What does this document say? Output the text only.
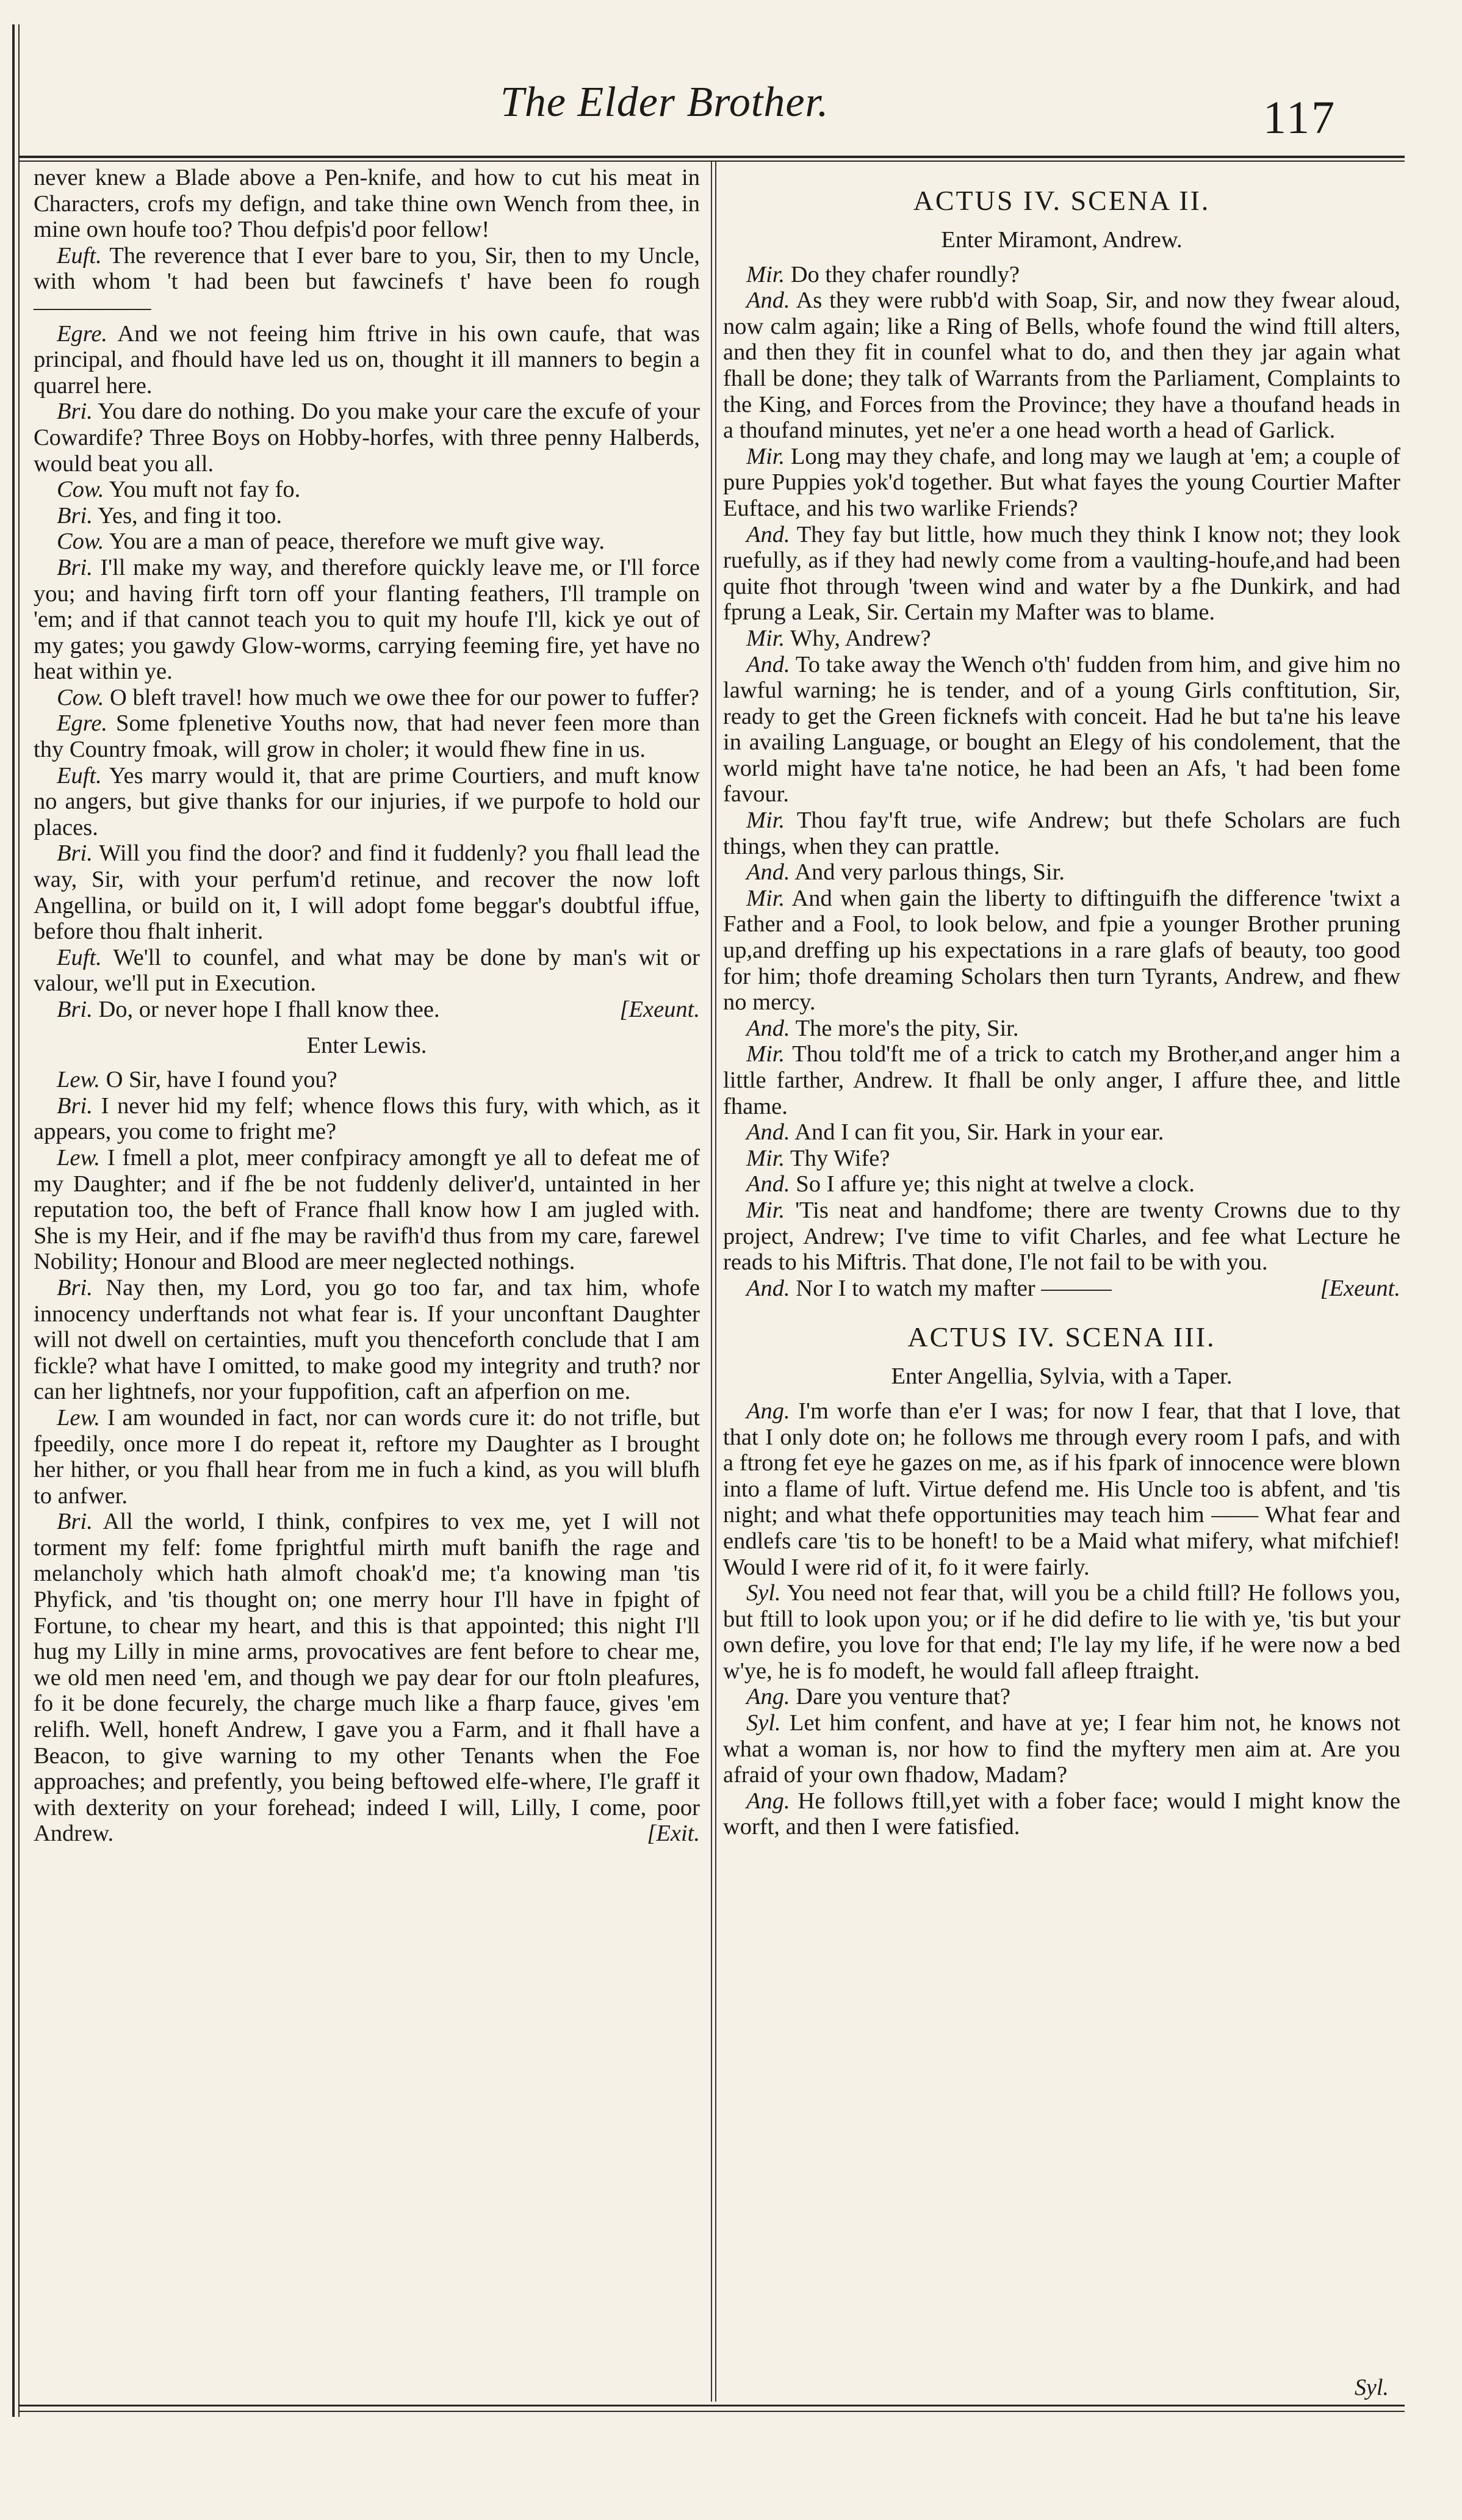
The Elder Brother.	117

never knew a Blade above a Pen-knife, and how to cut his meat in Characters, crofs my defign, and take thine own Wench from thee, in mine own houfe too? Thou defpis'd poor fellow!

Euft. The reverence that I ever bare to you, Sir, then to my Uncle, with whom 't had been but fawcinefs t' have been fo rough—————

Egre. And we not feeing him ftrive in his own caufe, that was principal, and fhould have led us on, thought it ill manners to begin a quarrel here.

Bri. You dare do nothing. Do you make your care the excufe of your Cowardife? Three Boys on Hobby-horfes, with three penny Halberds, would beat you all.

Cow. You muft not fay fo.

Bri. Yes, and fing it too.

Cow. You are a man of peace, therefore we muft give way.

Bri. I'll make my way, and therefore quickly leave me, or I'll force you; and having firft torn off your flanting feathers, I'll trample on 'em; and if that cannot teach you to quit my houfe I'll, kick ye out of my gates; you gawdy Glow-worms, carrying feeming fire, yet have no heat within ye.

Cow. O bleft travel! how much we owe thee for our power to fuffer?

Egre. Some fplenetive Youths now, that had never feen more than thy Country fmoak, will grow in choler; it would fhew fine in us.

Euft. Yes marry would it, that are prime Courtiers, and muft know no angers, but give thanks for our injuries, if we purpofe to hold our places.

Bri. Will you find the door? and find it fuddenly? you fhall lead the way, Sir, with your perfum'd retinue, and recover the now loft Angellina, or build on it, I will adopt fome beggar's doubtful iffue, before thou fhalt inherit.

Euft. We'll to counfel, and what may be done by man's wit or valour, we'll put in Execution.

Bri. Do, or never hope I fhall know thee.	[Exeunt.

Enter Lewis.

Lew. O Sir, have I found you?

Bri. I never hid my felf; whence flows this fury, with which, as it appears, you come to fright me?

Lew. I fmell a plot, meer confpiracy amongft ye all to defeat me of my Daughter; and if fhe be not fuddenly deliver'd, untainted in her reputation too, the beft of France fhall know how I am jugled with. She is my Heir, and if fhe may be ravifh'd thus from my care, farewel Nobility; Honour and Blood are meer neglected nothings.

Bri. Nay then, my Lord, you go too far, and tax him, whofe innocency underftands not what fear is. If your unconftant Daughter will not dwell on certainties, muft you thenceforth conclude that I am fickle? what have I omitted, to make good my integrity and truth? nor can her lightnefs, nor your fuppofition, caft an afperfion on me.

Lew. I am wounded in fact, nor can words cure it: do not trifle, but fpeedily, once more I do repeat it, reftore my Daughter as I brought her hither, or you fhall hear from me in fuch a kind, as you will blufh to anfwer.

Bri. All the world, I think, confpires to vex me, yet I will not torment my felf: fome fprightful mirth muft banifh the rage and melancholy which hath almoft choak'd me; t'a knowing man 'tis Phyfick, and 'tis thought on; one merry hour I'll have in fpight of Fortune, to chear my heart, and this is that appointed; this night I'll hug my Lilly in mine arms, provocatives are fent before to chear me, we old men need 'em, and though we pay dear for our ftoln pleafures, fo it be done fecurely, the charge much like a fharp fauce, gives 'em relifh. Well, honeft Andrew, I gave you a Farm, and it fhall have a Beacon, to give warning to my other Tenants when the Foe approaches; and prefently, you being beftowed elfe-where, I'le graff it with dexterity on your forehead; indeed I will, Lilly, I come, poor Andrew.	[Exit.

ACTUS IV. SCENA II.
Enter Miramont, Andrew.

Mir. Do they chafer roundly?

And. As they were rubb'd with Soap, Sir, and now they fwear aloud, now calm again; like a Ring of Bells, whofe found the wind ftill alters, and then they fit in counfel what to do, and then they jar again what fhall be done; they talk of Warrants from the Parliament, Complaints to the King, and Forces from the Province; they have a thoufand heads in a thoufand minutes, yet ne'er a one head worth a head of Garlick.

Mir. Long may they chafe, and long may we laugh at 'em; a couple of pure Puppies yok'd together. But what fayes the young Courtier Mafter Euftace, and his two warlike Friends?

And. They fay but little, how much they think I know not; they look ruefully, as if they had newly come from a vaulting-houfe,and had been quite fhot through 'tween wind and water by a fhe Dunkirk, and had fprung a Leak, Sir. Certain my Mafter was to blame.

Mir. Why, Andrew?

And. To take away the Wench o'th' fudden from him, and give him no lawful warning; he is tender, and of a young Girls conftitution, Sir, ready to get the Green ficknefs with conceit. Had he but ta'ne his leave in availing Language, or bought an Elegy of his condolement, that the world might have ta'ne notice, he had been an Afs, 't had been fome favour.

Mir. Thou fay'ft true, wife Andrew; but thefe Scholars are fuch things, when they can prattle.

And. And very parlous things, Sir.

Mir. And when gain the liberty to diftinguifh the difference 'twixt a Father and a Fool, to look below, and fpie a younger Brother pruning up,and dreffing up his expectations in a rare glafs of beauty, too good for him; thofe dreaming Scholars then turn Tyrants, Andrew, and fhew no mercy.

And. The more's the pity, Sir.

Mir. Thou told'ft me of a trick to catch my Brother,and anger him a little farther, Andrew. It fhall be only anger, I affure thee, and little fhame.

And. And I can fit you, Sir. Hark in your ear.

Mir. Thy Wife?

And. So I affure ye; this night at twelve a clock.

Mir. 'Tis neat and handfome; there are twenty Crowns due to thy project, Andrew; I've time to vifit Charles, and fee what Lecture he reads to his Miftris. That done, I'le not fail to be with you.

And. Nor I to watch my mafter ———	[Exeunt.

ACTUS IV. SCENA III.
Enter Angellia, Sylvia, with a Taper.

Ang. I'm worfe than e'er I was; for now I fear, that that I love, that that I only dote on; he follows me through every room I pafs, and with a ftrong fet eye he gazes on me, as if his fpark of innocence were blown into a flame of luft. Virtue defend me. His Uncle too is abfent, and 'tis night; and what thefe opportunities may teach him —— What fear and endlefs care 'tis to be honeft! to be a Maid what mifery, what mifchief! Would I were rid of it, fo it were fairly.

Syl. You need not fear that, will you be a child ftill? He follows you, but ftill to look upon you; or if he did defire to lie with ye, 'tis but your own defire, you love for that end; I'le lay my life, if he were now a bed w'ye, he is fo modeft, he would fall afleep ftraight.

Ang. Dare you venture that?

Syl. Let him confent, and have at ye; I fear him not, he knows not what a woman is, nor how to find the myftery men aim at. Are you afraid of your own fhadow, Madam?

Ang. He follows ftill,yet with a fober face; would I might know the worft, and then I were fatisfied.

Syl.
